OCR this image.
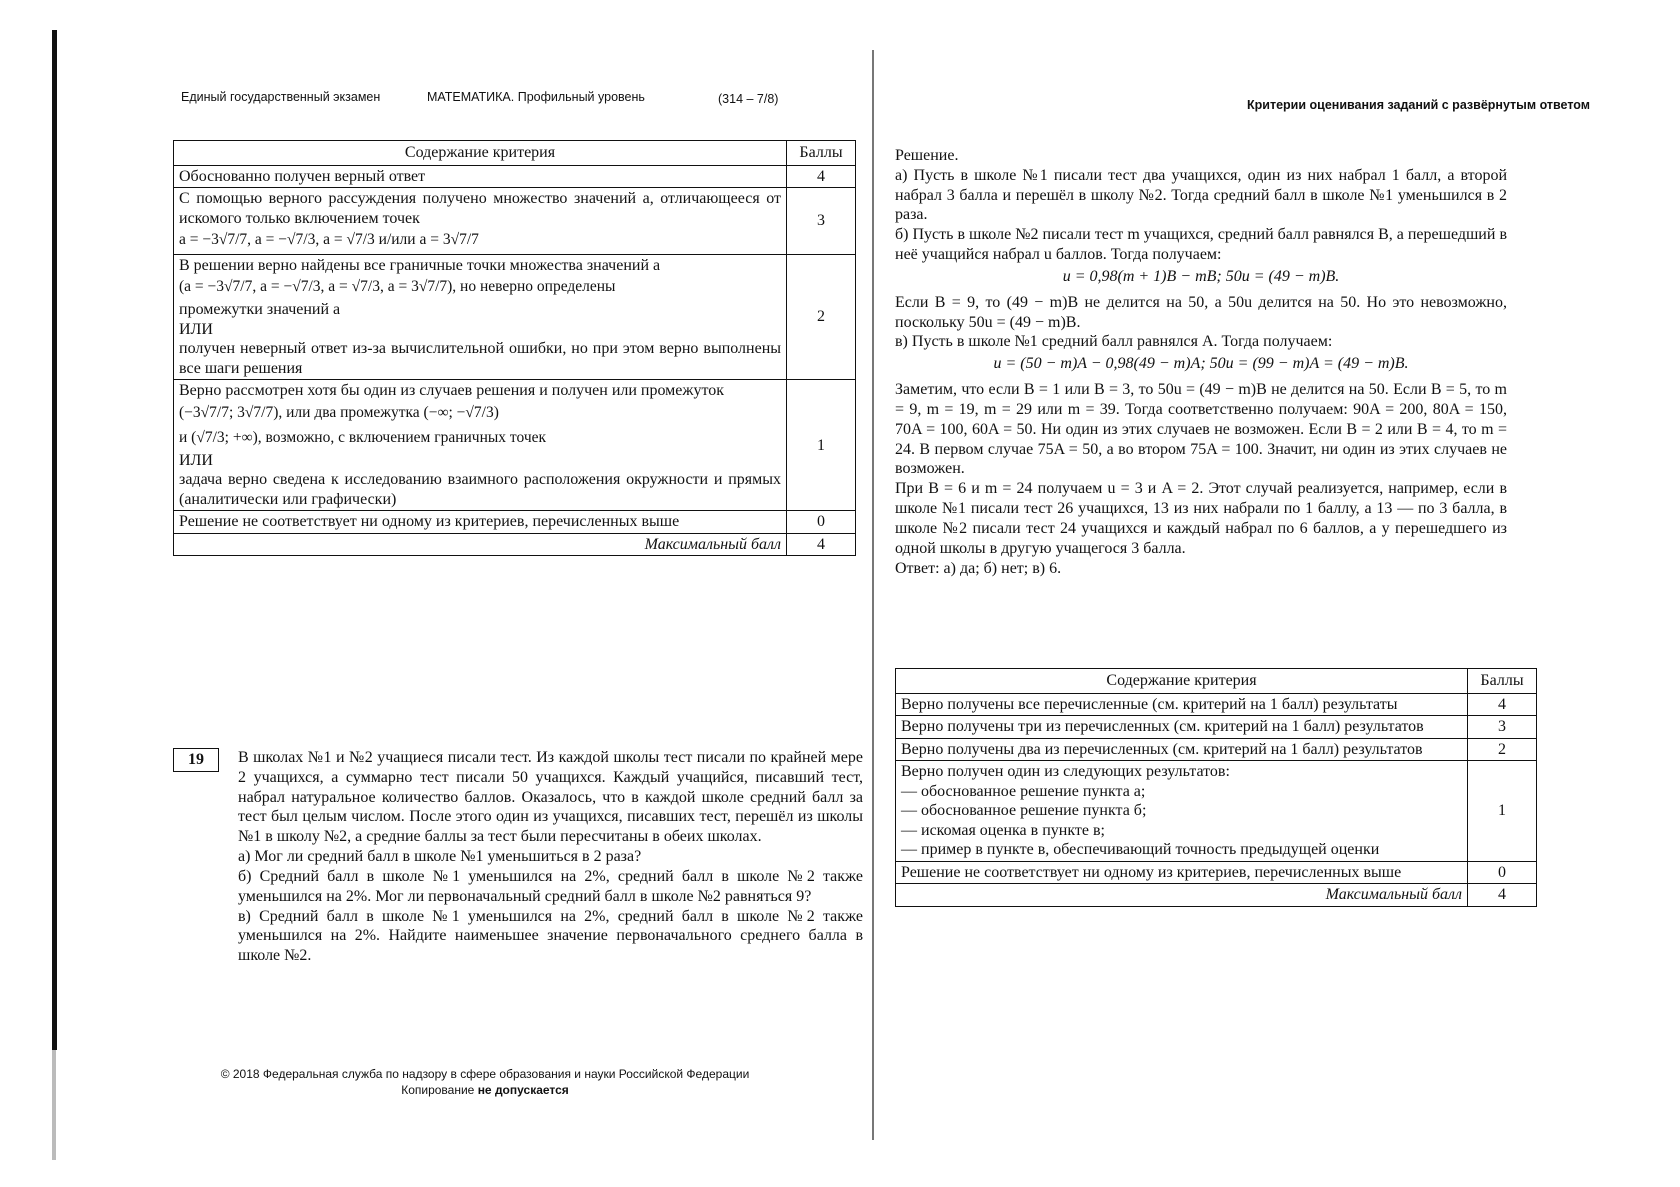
Единый государственный экзамен	МАТЕМАТИКА. Профильный уровень	(314 – 7/8)
Содержание критерия	Баллы
Обоснованно получен верный ответ	4
С помощью верного рассуждения получено множество значений a, отличающееся от искомого только включением точек
a = −3√7/7, a = −√7/3, a = √7/3 и/или a = 3√7/7	3
В решении верно найдены все граничные точки множества значений a
(a = −3√7/7, a = −√7/3, a = √7/3, a = 3√7/7), но неверно определены
промежутки значений a
ИЛИ
получен неверный ответ из-за вычислительной ошибки, но при этом верно выполнены все шаги решения	2
Верно рассмотрен хотя бы один из случаев решения и получен или промежуток
(−3√7/7; 3√7/7), или два промежутка (−∞; −√7/3)
и (√7/3; +∞), возможно, с включением граничных точек
ИЛИ
задача верно сведена к исследованию взаимного расположения окружности и прямых (аналитически или графически)	1
Решение не соответствует ни одному из критериев, перечисленных выше	0
Максимальный балл	4
19	В школах №1 и №2 учащиеся писали тест. Из каждой школы тест писали по крайней мере 2 учащихся, а суммарно тест писали 50 учащихся. Каждый учащийся, писавший тест, набрал натуральное количество баллов. Оказалось, что в каждой школе средний балл за тест был целым числом. После этого один из учащихся, писавших тест, перешёл из школы №1 в школу №2, а средние баллы за тест были пересчитаны в обеих школах.

а) Мог ли средний балл в школе №1 уменьшиться в 2 раза?

б) Средний балл в школе №1 уменьшился на 2%, средний балл в школе №2 также уменьшился на 2%. Мог ли первоначальный средний балл в школе №2 равняться 9?

в) Средний балл в школе №1 уменьшился на 2%, средний балл в школе №2 также уменьшился на 2%. Найдите наименьшее значение первоначального среднего балла в школе №2.

© 2018 Федеральная служба по надзору в сфере образования и науки Российской Федерации
Копирование не допускается
Критерии оценивания заданий с развёрнутым ответом

Решение.

а) Пусть в школе №1 писали тест два учащихся, один из них набрал 1 балл, а второй набрал 3 балла и перешёл в школу №2. Тогда средний балл в школе №1 уменьшился в 2 раза.

б) Пусть в школе №2 писали тест m учащихся, средний балл равнялся B, а перешедший в неё учащийся набрал u баллов. Тогда получаем:

u = 0,98(m + 1)B − mB; 50u = (49 − m)B.

Если B = 9, то (49 − m)B не делится на 50, а 50u делится на 50. Но это невозможно, поскольку 50u = (49 − m)B.

в) Пусть в школе №1 средний балл равнялся A. Тогда получаем:

u = (50 − m)A − 0,98(49 − m)A; 50u = (99 − m)A = (49 − m)B.

Заметим, что если B = 1 или B = 3, то 50u = (49 − m)B не делится на 50. Если B = 5, то m = 9, m = 19, m = 29 или m = 39. Тогда соответственно получаем: 90A = 200, 80A = 150, 70A = 100, 60A = 50. Ни один из этих случаев не возможен. Если B = 2 или B = 4, то m = 24. В первом случае 75A = 50, а во втором 75A = 100. Значит, ни один из этих случаев не возможен.

При B = 6 и m = 24 получаем u = 3 и A = 2. Этот случай реализуется, например, если в школе №1 писали тест 26 учащихся, 13 из них набрали по 1 баллу, а 13 — по 3 балла, в школе №2 писали тест 24 учащихся и каждый набрал по 6 баллов, а у перешедшего из одной школы в другую учащегося 3 балла.

Ответ: а) да; б) нет; в) 6.

Содержание критерия	Баллы
Верно получены все перечисленные (см. критерий на 1 балл) результаты	4
Верно получены три из перечисленных (см. критерий на 1 балл) результатов	3
Верно получены два из перечисленных (см. критерий на 1 балл) результатов	2

Верно получен один из следующих результатов:
— обоснованное решение пункта а;
— обоснованное решение пункта б;
— искомая оценка в пункте в;
— пример в пункте в, обеспечивающий точность предыдущей оценки	1
Решение не соответствует ни одному из критериев, перечисленных выше	0
Максимальный балл	4
